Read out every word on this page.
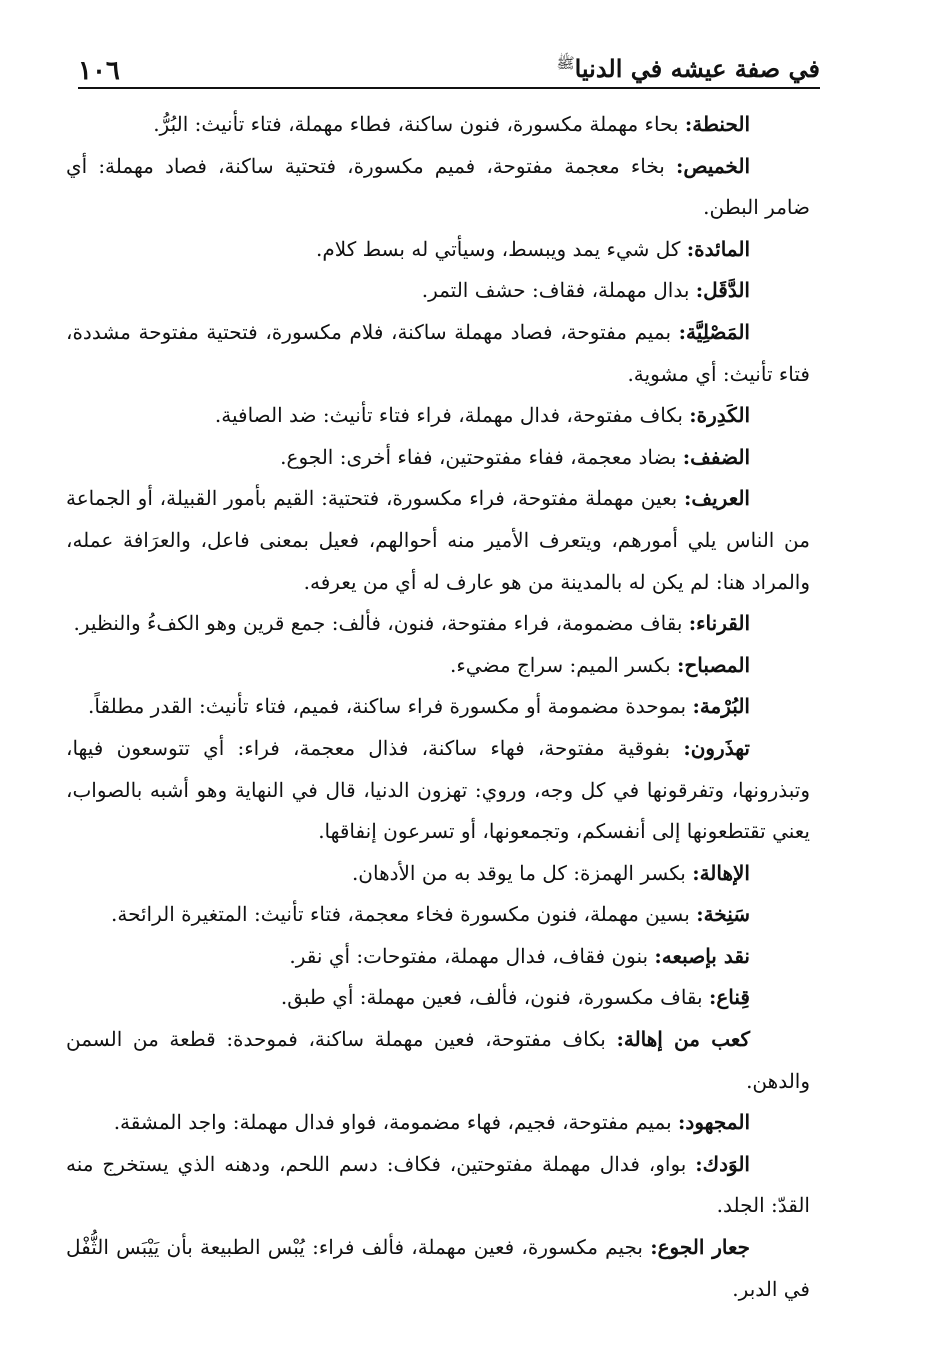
في صفة عيشه في الدنيا$^ﷺ$
١٠٦

الحنطة: بحاء مهملة مكسورة، فنون ساكنة، فطاء مهملة، فتاء تأنيث: البُرُّ.

الخميص: بخاء معجمة مفتوحة، فميم مكسورة، فتحتية ساكنة، فصاد مهملة: أي ضامر البطن.

المائدة: كل شيء يمد ويبسط، وسيأتي له بسط كلام.

الدَّقَل: بدال مهملة، فقاف: حشف التمر.

المَصْلِيَّة: بميم مفتوحة، فصاد مهملة ساكنة، فلام مكسورة، فتحتية مفتوحة مشددة، فتاء تأنيث: أي مشوية.

الكَدِرة: بكاف مفتوحة، فدال مهملة، فراء فتاء تأنيث: ضد الصافية.

الضفف: بضاد معجمة، ففاء مفتوحتين، ففاء أخرى: الجوع.

العريف: بعين مهملة مفتوحة، فراء مكسورة، فتحتية: القيم بأمور القبيلة، أو الجماعة من الناس يلي أمورهم، ويتعرف الأمير منه أحوالهم، فعيل بمعنى فاعل، والعرَافة عمله، والمراد هنا: لم يكن له بالمدينة من هو عارف له أي من يعرفه.

القرناء: بقاف مضمومة، فراء مفتوحة، فنون، فألف: جمع قرين وهو الكفءُ والنظير.

المصباح: بكسر الميم: سراج مضيء.

البُرْمة: بموحدة مضمومة أو مكسورة فراء ساكنة، فميم، فتاء تأنيث: القدر مطلقاً.

تهذَرون: بفوقية مفتوحة، فهاء ساكنة، فذال معجمة، فراء: أي تتوسعون فيها، وتبذرونها، وتفرقونها في كل وجه، وروي: تهزون الدنيا، قال في النهاية وهو أشبه بالصواب، يعني تقتطعونها إلى أنفسكم، وتجمعونها، أو تسرعون إنفاقها.

الإهالة: بكسر الهمزة: كل ما يوقد به من الأدهان.

سَنِخة: بسين مهملة، فنون مكسورة فخاء معجمة، فتاء تأنيث: المتغيرة الرائحة.

نقد بإصبعه: بنون فقاف، فدال مهملة، مفتوحات: أي نقر.

قِناع: بقاف مكسورة، فنون، فألف، فعين مهملة: أي طبق.

كعب من إهالة: بكاف مفتوحة، فعين مهملة ساكنة، فموحدة: قطعة من السمن والدهن.

المجهود: بميم مفتوحة، فجيم، فهاء مضمومة، فواو فدال مهملة: واجد المشقة.

الوَدك: بواو، فدال مهملة مفتوحتين، فكاف: دسم اللحم، ودهنه الذي يستخرج منه القدّ: الجلد.

جعار الجوع: بجيم مكسورة، فعين مهملة، فألف فراء: يُبْس الطبيعة بأن يَيْبَس الثُّفْل في الدبر.
